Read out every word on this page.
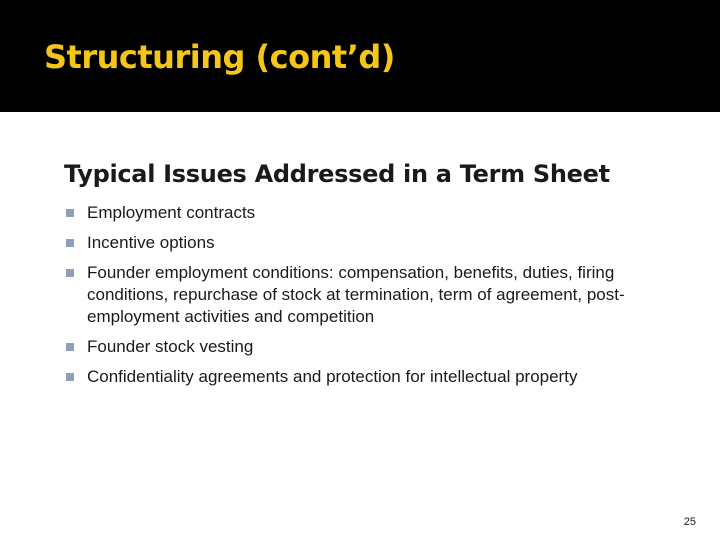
Structuring (cont’d)
Typical Issues Addressed in a Term Sheet
Employment contracts
Incentive options
Founder employment conditions: compensation, benefits, duties, firing conditions, repurchase of stock at termination, term of agreement, post-employment activities and competition
Founder stock vesting
Confidentiality agreements and protection for intellectual property
25
